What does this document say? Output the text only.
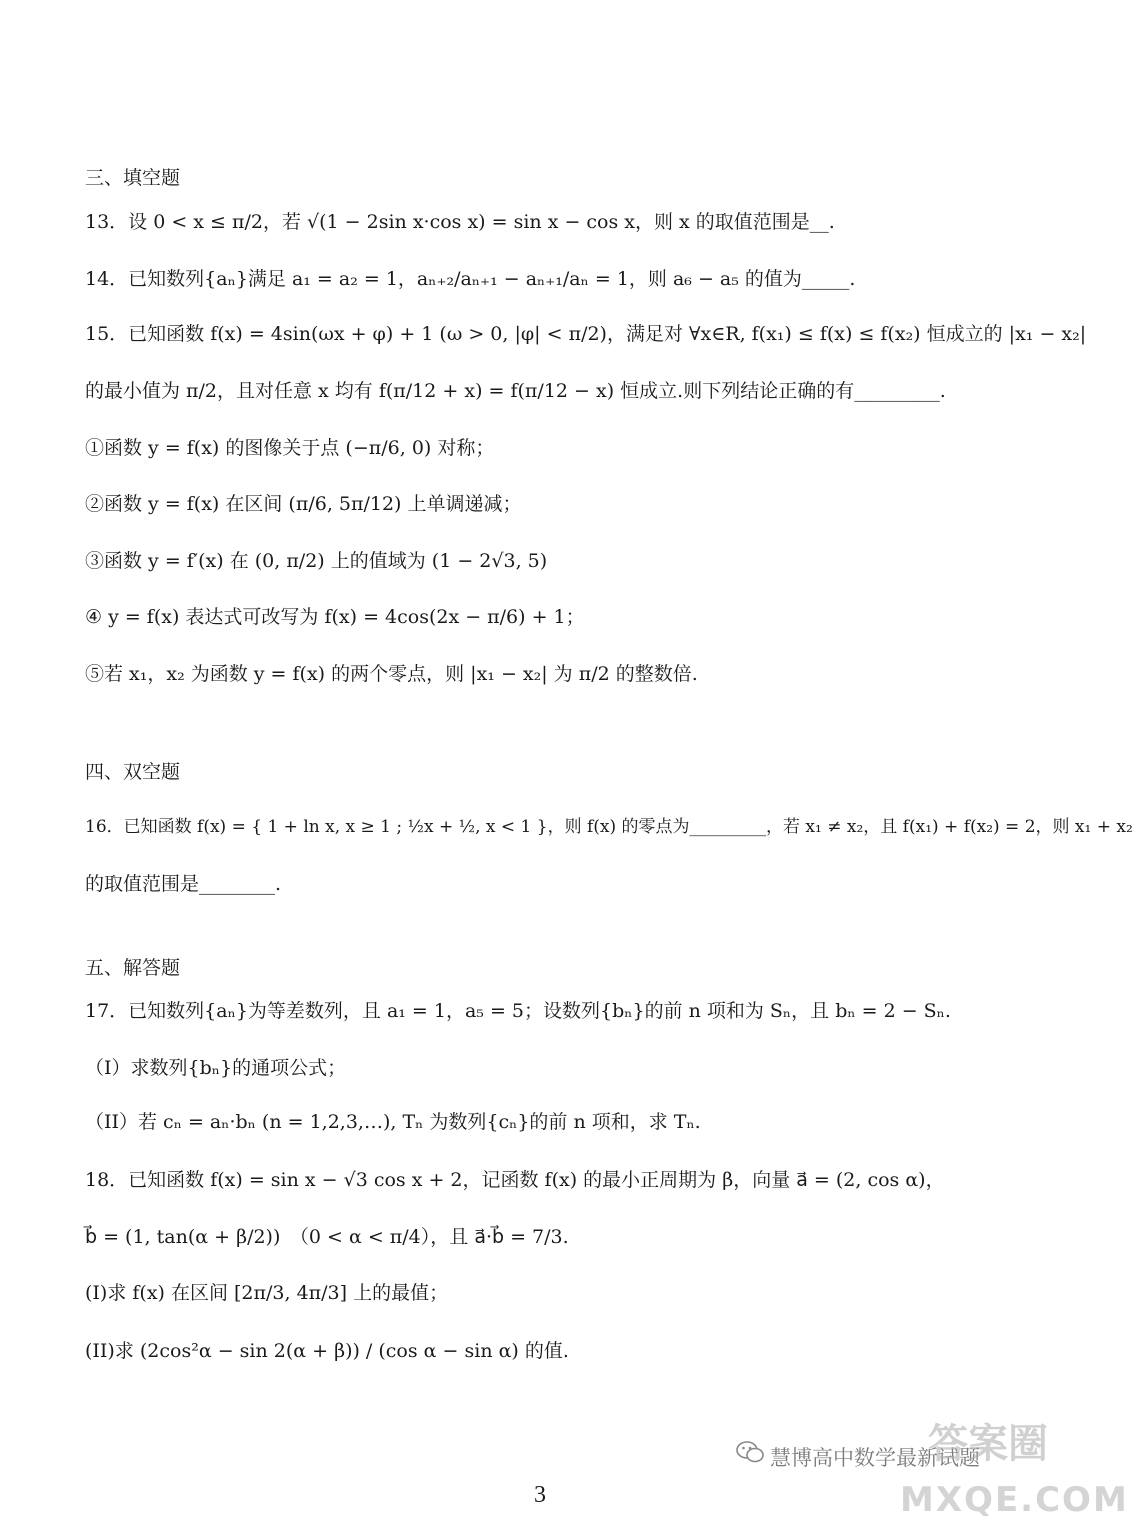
三、填空题
13．设 0 < x ≤ π/2，若 √(1 − 2sin x·cos x) = sin x − cos x，则 x 的取值范围是__.
14．已知数列{aₙ}满足 a₁ = a₂ = 1，aₙ₊₂/aₙ₊₁ − aₙ₊₁/aₙ = 1，则 a₆ − a₅ 的值为_____.
15．已知函数 f(x) = 4sin(ωx + φ) + 1 (ω > 0, |φ| < π/2)，满足对 ∀x∈R, f(x₁) ≤ f(x) ≤ f(x₂) 恒成立的 |x₁ − x₂|
的最小值为 π/2，且对任意 x 均有 f(π/12 + x) = f(π/12 − x) 恒成立.则下列结论正确的有_________.
①函数 y = f(x) 的图像关于点 (−π/6, 0) 对称；
②函数 y = f(x) 在区间 (π/6, 5π/12) 上单调递减；
③函数 y = f′(x) 在 (0, π/2) 上的值域为 (1 − 2√3, 5)
④ y = f(x) 表达式可改写为 f(x) = 4cos(2x − π/6) + 1；
⑤若 x₁，x₂ 为函数 y = f(x) 的两个零点，则 |x₁ − x₂| 为 π/2 的整数倍.
四、双空题
16．已知函数 f(x) = { 1 + ln x, x ≥ 1 ; ½x + ½, x < 1 }，则 f(x) 的零点为_________，若 x₁ ≠ x₂，且 f(x₁) + f(x₂) = 2，则 x₁ + x₂
的取值范围是________.
五、解答题
17．已知数列{aₙ}为等差数列，且 a₁ = 1，a₅ = 5；设数列{bₙ}的前 n 项和为 Sₙ，且 bₙ = 2 − Sₙ.
（I）求数列{bₙ}的通项公式；
（II）若 cₙ = aₙ·bₙ (n = 1,2,3,…), Tₙ 为数列{cₙ}的前 n 项和，求 Tₙ.
18．已知函数 f(x) = sin x − √3 cos x + 2，记函数 f(x) 的最小正周期为 β，向量 a⃗ = (2, cos α)，
b⃗ = (1, tan(α + β/2))　（0 < α < π/4），且 a⃗·b⃗ = 7/3.
(I)求 f(x) 在区间 [2π/3, 4π/3] 上的最值；
(II)求 (2cos²α − sin 2(α + β)) / (cos α − sin α) 的值.
慧博高中数学最新试题
答案圈
MXQE.COM
3
